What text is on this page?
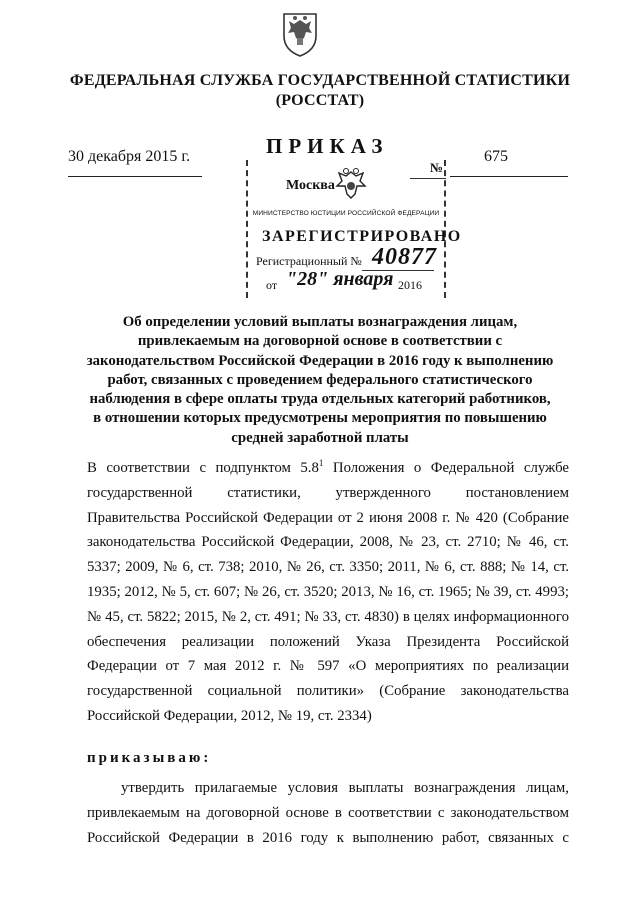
ФЕДЕРАЛЬНАЯ СЛУЖБА ГОСУДАРСТВЕННОЙ СТАТИСТИКИ
(РОССТАТ)
30 декабря 2015 г.	ПРИКАЗ	675
№
Москва
МИНИСТЕРСТВО ЮСТИЦИИ РОССИЙСКОЙ ФЕДЕРАЦИИ
ЗАРЕГИСТРИРОВАНО
Регистрационный № 40877
от "28" января 2016
Об определении условий выплаты вознаграждения лицам, привлекаемым на договорной основе в соответствии с законодательством Российской Федерации в 2016 году к выполнению работ, связанных с проведением федерального статистического наблюдения в сфере оплаты труда отдельных категорий работников, в отношении которых предусмотрены мероприятия по повышению средней заработной платы
В соответствии с подпунктом $5.8^1$ Положения о Федеральной службе государственной статистики, утвержденного постановлением Правительства Российской Федерации от 2 июня 2008 г. № 420 (Собрание законодательства Российской Федерации, 2008, № 23, ст. 2710; № 46, ст. 5337; 2009, № 6, ст. 738; 2010, № 26, ст. 3350; 2011, № 6, ст. 888; № 14, ст. 1935; 2012, № 5, ст. 607; № 26, ст. 3520; 2013, № 16, ст. 1965; № 39, ст. 4993; № 45, ст. 5822; 2015, № 2, ст. 491; № 33, ст. 4830) в целях информационного обеспечения реализации положений Указа Президента Российской Федерации от 7 мая 2012 г. № 597 «О мероприятиях по реализации государственной социальной политики» (Собрание законодательства Российской Федерации, 2012, № 19, ст. 2334)
приказываю:
утвердить прилагаемые условия выплаты вознаграждения лицам, привлекаемым на договорной основе в соответствии с законодательством Российской Федерации в 2016 году к выполнению работ, связанных с
